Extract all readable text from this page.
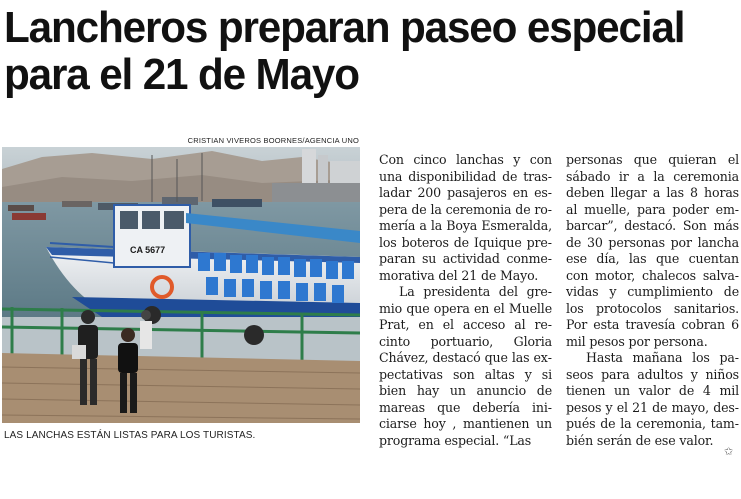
Lancheros preparan paseo especial para el 21 de Mayo
CRISTIAN VIVEROS BOORNES/AGENCIA UNO
CA 5677
LAS LANCHAS ESTÁN LISTAS PARA LOS TURISTAS.

Con cinco lanchas y con una disponibilidad de trasladar 200 pasajeros en espera de la ceremonia de romería a la Boya Esmeralda, los boteros de Iquique preparan su actividad conmemorativa del 21 de Mayo.

La presidenta del gremio que opera en el Muelle Prat, en el acceso al recinto portuario, Gloria Chávez, destacó que las expectativas son altas y si bien hay un anuncio de mareas que debería iniciarse hoy , mantienen un programa especial. “Las

personas que quieran el sábado ir a la ceremonia deben llegar a las 8 horas al muelle, para poder embarcar”, destacó. Son más de 30 personas por lancha ese día, las que cuentan con motor, chalecos salvavidas y cumplimiento de los protocolos sanitarios. Por esta travesía cobran 6 mil pesos por persona.

Hasta mañana los paseos para adultos y niños tienen un valor de 4 mil pesos y el 21 de mayo, después de la ceremonia, también serán de ese valor.

✩
